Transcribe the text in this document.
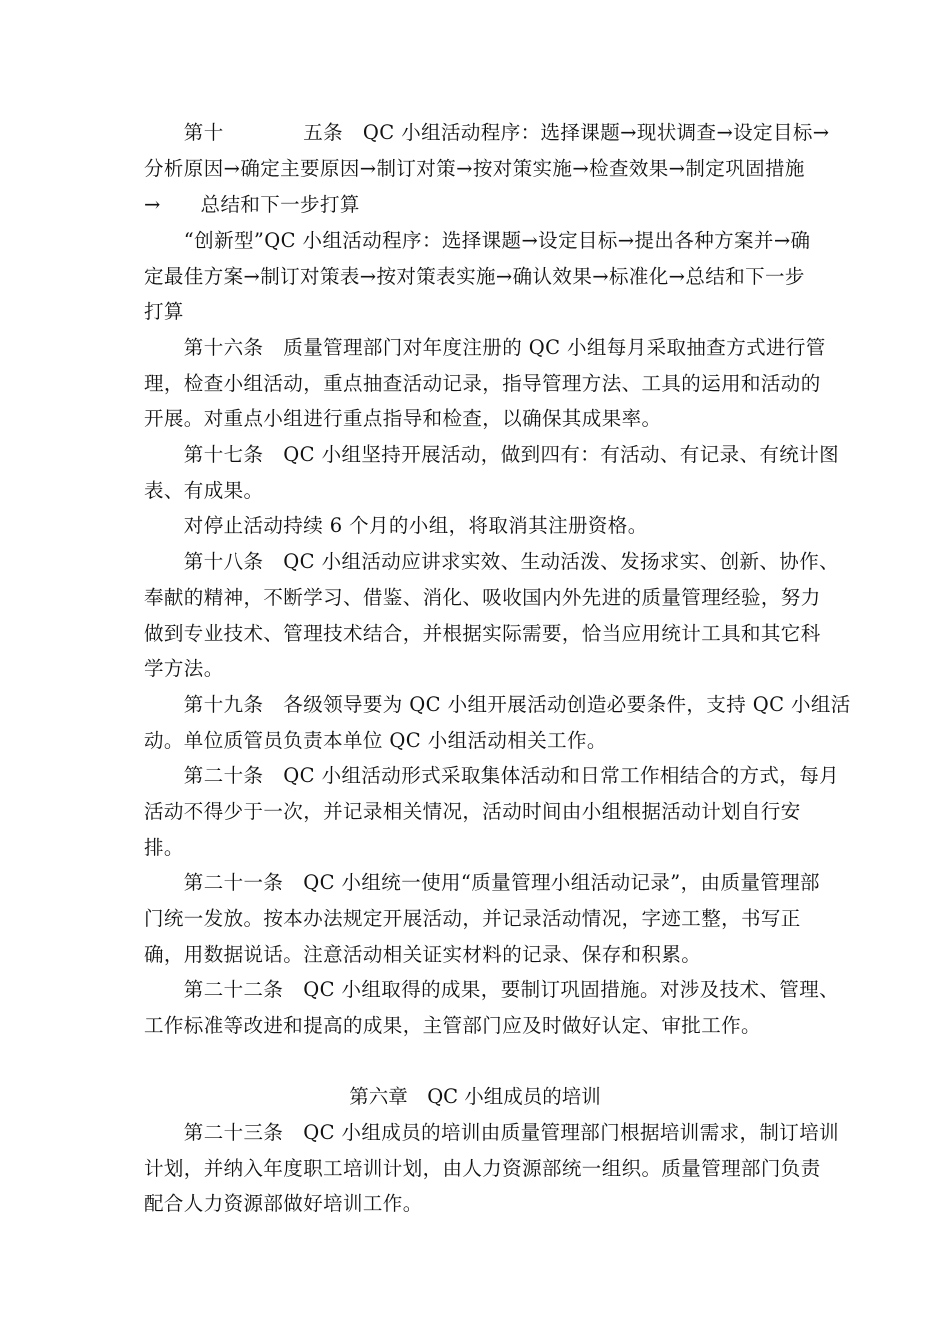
　　第十　　　　五条　QC 小组活动程序：选择课题→现状调查→设定目标→
分析原因→确定主要原因→制订对策→按对策实施→检查效果→制定巩固措施
→　　总结和下一步打算
　　“创新型”QC 小组活动程序：选择课题→设定目标→提出各种方案并→确
定最佳方案→制订对策表→按对策表实施→确认效果→标准化→总结和下一步
打算
　　第十六条　质量管理部门对年度注册的 QC 小组每月采取抽查方式进行管
理，检查小组活动，重点抽查活动记录，指导管理方法、工具的运用和活动的
开展。对重点小组进行重点指导和检查，以确保其成果率。
　　第十七条　QC 小组坚持开展活动，做到四有：有活动、有记录、有统计图
表、有成果。
　　对停止活动持续 6 个月的小组，将取消其注册资格。
　　第十八条　QC 小组活动应讲求实效、生动活泼、发扬求实、创新、协作、
奉献的精神，不断学习、借鉴、消化、吸收国内外先进的质量管理经验，努力
做到专业技术、管理技术结合，并根据实际需要，恰当应用统计工具和其它科
学方法。
　　第十九条　各级领导要为 QC 小组开展活动创造必要条件，支持 QC 小组活
动。单位质管员负责本单位 QC 小组活动相关工作。
　　第二十条　QC 小组活动形式采取集体活动和日常工作相结合的方式，每月
活动不得少于一次，并记录相关情况，活动时间由小组根据活动计划自行安
排。
　　第二十一条　QC 小组统一使用“质量管理小组活动记录”，由质量管理部
门统一发放。按本办法规定开展活动，并记录活动情况，字迹工整，书写正
确，用数据说话。注意活动相关证实材料的记录、保存和积累。
　　第二十二条　QC 小组取得的成果，要制订巩固措施。对涉及技术、管理、
工作标准等改进和提高的成果，主管部门应及时做好认定、审批工作。
第六章　QC 小组成员的培训
　　第二十三条　QC 小组成员的培训由质量管理部门根据培训需求，制订培训
计划，并纳入年度职工培训计划，由人力资源部统一组织。质量管理部门负责
配合人力资源部做好培训工作。
